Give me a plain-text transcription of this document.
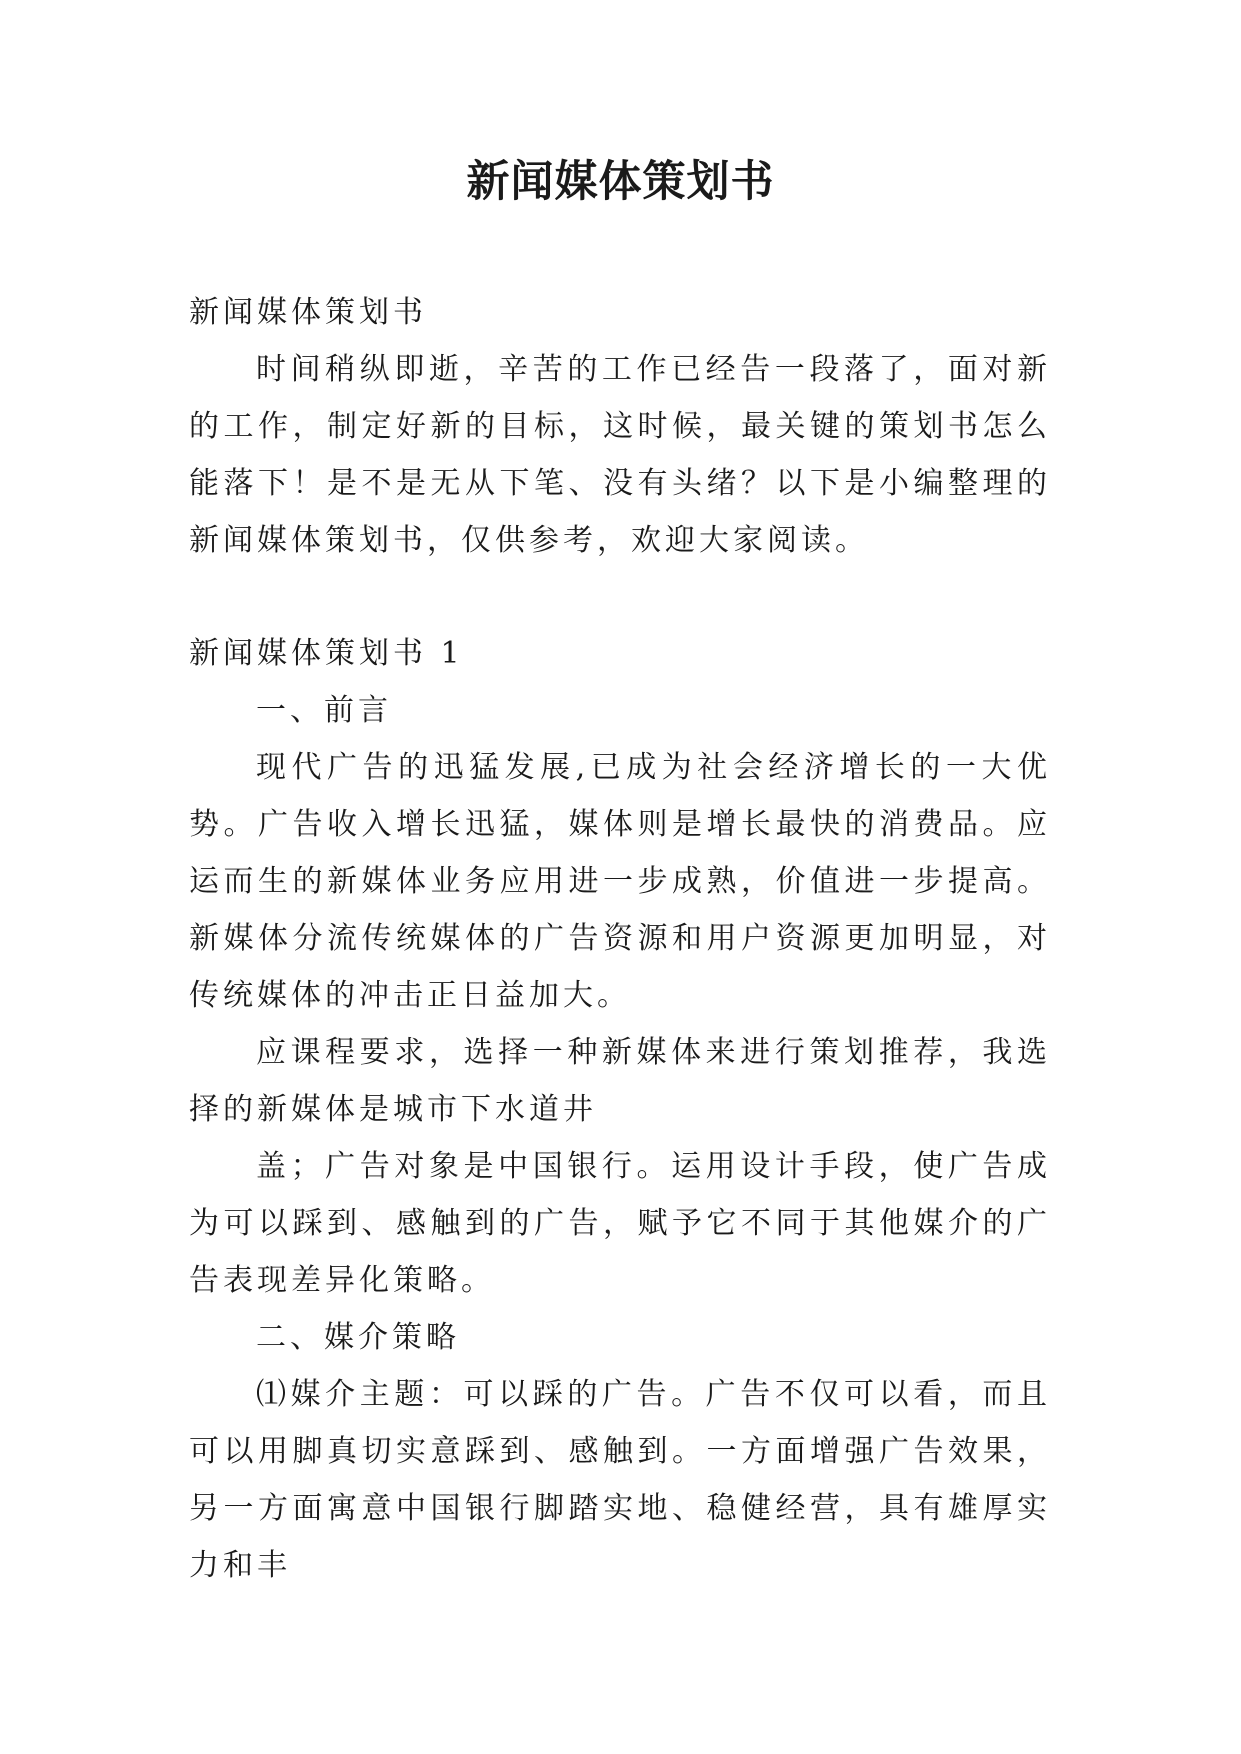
新闻媒体策划书

新闻媒体策划书

时间稍纵即逝，辛苦的工作已经告一段落了，面对新的工作，制定好新的目标，这时候，最关键的策划书怎么能落下！是不是无从下笔、没有头绪？以下是小编整理的新闻媒体策划书，仅供参考，欢迎大家阅读。

新闻媒体策划书 1

一、前言

现代广告的迅猛发展,已成为社会经济增长的一大优势。广告收入增长迅猛，媒体则是增长最快的消费品。应运而生的新媒体业务应用进一步成熟，价值进一步提高。新媒体分流传统媒体的广告资源和用户资源更加明显，对传统媒体的冲击正日益加大。

应课程要求，选择一种新媒体来进行策划推荐，我选择的新媒体是城市下水道井

盖；广告对象是中国银行。运用设计手段，使广告成为可以踩到、感触到的广告，赋予它不同于其他媒介的广告表现差异化策略。

二、媒介策略

⑴媒介主题：可以踩的广告。广告不仅可以看，而且可以用脚真切实意踩到、感触到。一方面增强广告效果，另一方面寓意中国银行脚踏实地、稳健经营，具有雄厚实力和丰
